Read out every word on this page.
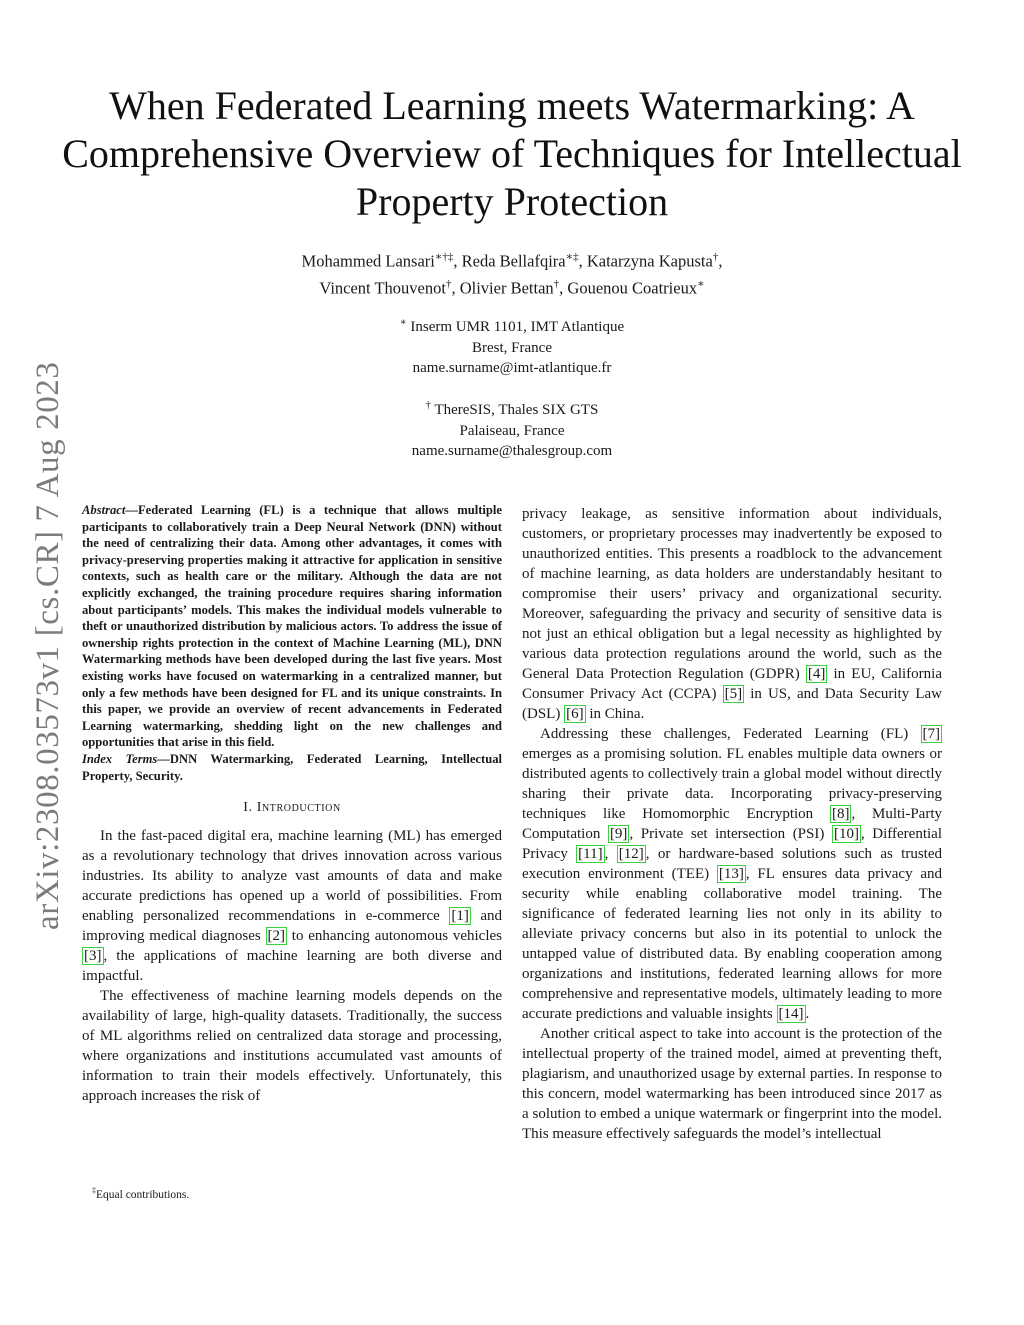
arXiv:2308.03573v1 [cs.CR] 7 Aug 2023
When Federated Learning meets Watermarking: A Comprehensive Overview of Techniques for Intellectual Property Protection
Mohammed Lansari∗†‡, Reda Bellafqira∗‡, Katarzyna Kapusta†,
Vincent Thouvenot†, Olivier Bettan†, Gouenou Coatrieux∗
∗ Inserm UMR 1101, IMT Atlantique
Brest, France
name.surname@imt-atlantique.fr
† ThereSIS, Thales SIX GTS
Palaiseau, France
name.surname@thalesgroup.com

Abstract—Federated Learning (FL) is a technique that allows multiple participants to collaboratively train a Deep Neural Network (DNN) without the need of centralizing their data. Among other advantages, it comes with privacy-preserving properties making it attractive for application in sensitive contexts, such as health care or the military. Although the data are not explicitly exchanged, the training procedure requires sharing information about participants’ models. This makes the individual models vulnerable to theft or unauthorized distribution by malicious actors. To address the issue of ownership rights protection in the context of Machine Learning (ML), DNN Watermarking methods have been developed during the last five years. Most existing works have focused on watermarking in a centralized manner, but only a few methods have been designed for FL and its unique constraints. In this paper, we provide an overview of recent advancements in Federated Learning watermarking, shedding light on the new challenges and opportunities that arise in this field.

Index Terms—DNN Watermarking, Federated Learning, Intellectual Property, Security.

I. Introduction

In the fast-paced digital era, machine learning (ML) has emerged as a revolutionary technology that drives innovation across various industries. Its ability to analyze vast amounts of data and make accurate predictions has opened up a world of possibilities. From enabling personalized recommendations in e-commerce [1] and improving medical diagnoses [2] to enhancing autonomous vehicles [3] , the applications of machine learning are both diverse and impactful.

The effectiveness of machine learning models depends on the availability of large, high-quality datasets. Traditionally, the success of ML algorithms relied on centralized data storage and processing, where organizations and institutions accumulated vast amounts of information to train their models effectively. Unfortunately, this approach increases the risk of

privacy leakage, as sensitive information about individuals, customers, or proprietary processes may inadvertently be exposed to unauthorized entities. This presents a roadblock to the advancement of machine learning, as data holders are understandably hesitant to compromise their users’ privacy and organizational security. Moreover, safeguarding the privacy and security of sensitive data is not just an ethical obligation but a legal necessity as highlighted by various data protection regulations around the world, such as the General Data Protection Regulation (GDPR) [4] in EU, California Consumer Privacy Act (CCPA) [5] in US, and Data Security Law (DSL) [6] in China.

Addressing these challenges, Federated Learning (FL) [7] emerges as a promising solution. FL enables multiple data owners or distributed agents to collectively train a global model without directly sharing their private data. Incorporating privacy-preserving techniques like Homomorphic Encryption [8] , Multi-Party Computation [9] , Private set intersection (PSI) [10] , Differential Privacy [11] , [12] , or hardware-based solutions such as trusted execution environment (TEE) [13] , FL ensures data privacy and security while enabling collaborative model training. The significance of federated learning lies not only in its ability to alleviate privacy concerns but also in its potential to unlock the untapped value of distributed data. By enabling cooperation among organizations and institutions, federated learning allows for more comprehensive and representative models, ultimately leading to more accurate predictions and valuable insights [14] .

Another critical aspect to take into account is the protection of the intellectual property of the trained model, aimed at preventing theft, plagiarism, and unauthorized usage by external parties. In response to this concern, model watermarking has been introduced since 2017 as a solution to embed a unique watermark or fingerprint into the model. This measure effectively safeguards the model’s intellectual

‡Equal contributions.
